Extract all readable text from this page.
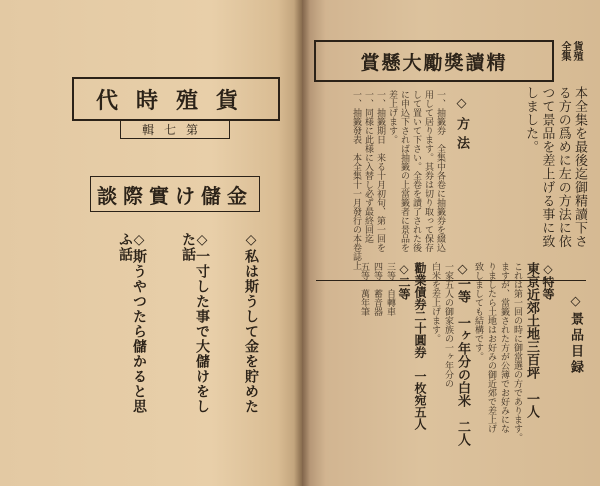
貨殖時代
第七輯
金儲け實際談
◇私は斯うして金を貯めた
◇一寸した事で大儲けをした話
◇斯うやつたら儲かると思ふ話
精讀獎勵大懸賞
貨殖
全集
本全集を最後迄御精讀下さ
る方の爲めに左の方法に依
つて景品を差上げる事に致
しました。
◇方法
一、抽籤券　全集中各卷に抽籤券を綴込
用して居ります。其券は切り取って保存
して置いて下さい。全卷を讀了された後
に申込下されば抽籤の上當籤者に景品を
差上げます。
一、抽籤期日　来る十月初旬、第一回を
一、同様に此様に入替し必ず最終回迄
一、抽籤發表　本全集十一月發行の本卷誌上
◇景品目録
◇特等
東京近郊土地三百坪　一人
これは第一回の時に御當選の方であります。
ますが、當籤された方が公簿でお好みにな
りましたら土地はお好みの御近郊で差上げ
致しましても結構です。
◇一等　一ヶ年分の白米　二人
一家五人の御家族の一ヶ年分の
白米を差上げます。
勸業債券二十圓券　一枚宛五人
◇二等
三等　自轉車
四等　蓄音器
五等　萬年筆
